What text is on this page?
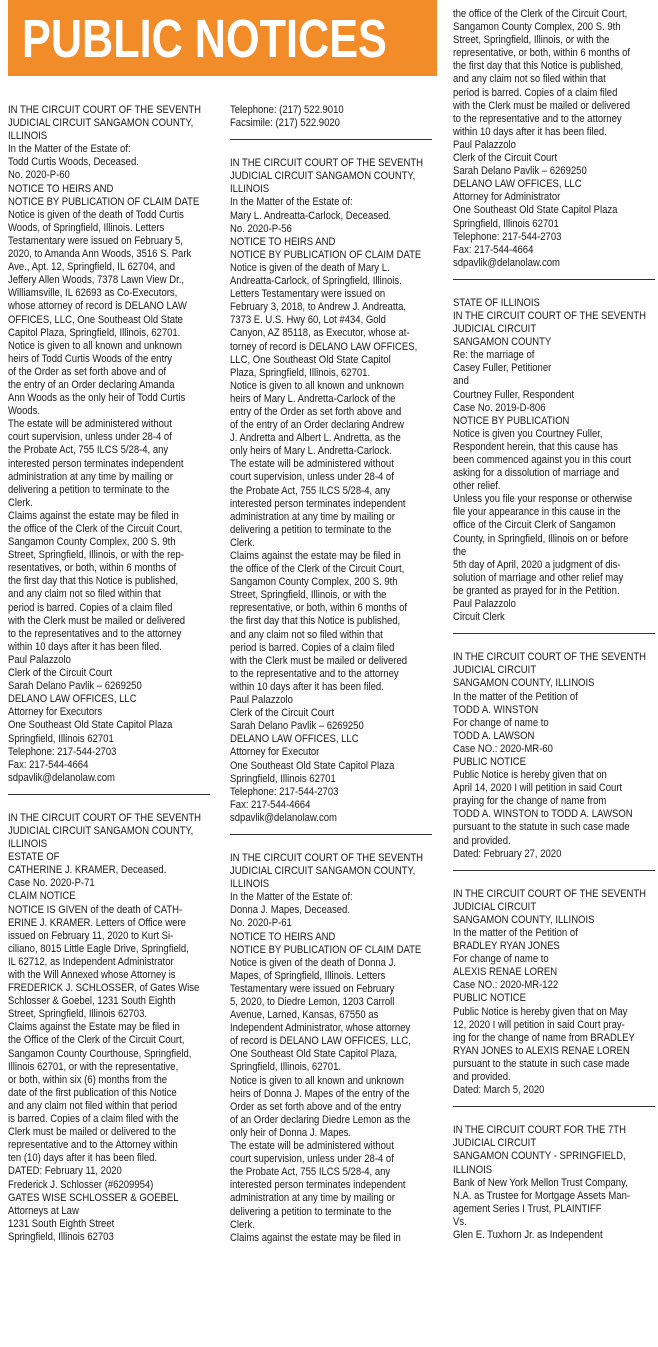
PUBLIC NOTICES
IN THE CIRCUIT COURT OF THE SEVENTH
JUDICIAL CIRCUIT SANGAMON COUNTY,
ILLINOIS
In the Matter of the Estate of:
Todd Curtis Woods, Deceased.
No. 2020-P-60
NOTICE TO HEIRS AND
NOTICE BY PUBLICATION OF CLAIM DATE
Notice is given of the death of Todd Curtis
Woods, of Springfield, Illinois. Letters
Testamentary were issued on February 5,
2020, to Amanda Ann Woods, 3516 S. Park
Ave., Apt. 12, Springfield, IL 62704, and
Jeffery Allen Woods, 7378 Lawn View Dr.,
Williamsville, IL 62693 as Co-Executors,
whose attorney of record is DELANO LAW
OFFICES, LLC, One Southeast Old State
Capitol Plaza, Springfield, Illinois, 62701.
Notice is given to all known and unknown
heirs of Todd Curtis Woods of the entry
of the Order as set forth above and of
the entry of an Order declaring Amanda
Ann Woods as the only heir of Todd Curtis
Woods.
The estate will be administered without
court supervision, unless under 28-4 of
the Probate Act, 755 ILCS 5/28-4, any
interested person terminates independent
administration at any time by mailing or
delivering a petition to terminate to the
Clerk.
Claims against the estate may be filed in
the office of the Clerk of the Circuit Court,
Sangamon County Complex, 200 S. 9th
Street, Springfield, Illinois, or with the rep-
resentatives, or both, within 6 months of
the first day that this Notice is published,
and any claim not so filed within that
period is barred. Copies of a claim filed
with the Clerk must be mailed or delivered
to the representatives and to the attorney
within 10 days after it has been filed.
Paul Palazzolo
Clerk of the Circuit Court
Sarah Delano Pavlik – 6269250
DELANO LAW OFFICES, LLC
Attorney for Executors
One Southeast Old State Capitol Plaza
Springfield, Illinois 62701
Telephone: 217-544-2703
Fax: 217-544-4664
sdpavlik@delanolaw.com
IN THE CIRCUIT COURT OF THE SEVENTH
JUDICIAL CIRCUIT SANGAMON COUNTY,
ILLINOIS
ESTATE OF
CATHERINE J. KRAMER, Deceased.
Case No. 2020-P-71
CLAIM NOTICE
NOTICE IS GIVEN of the death of CATH-
ERINE J. KRAMER. Letters of Office were
issued on February 11, 2020 to Kurt Si-
ciliano, 8015 Little Eagle Drive, Springfield,
IL 62712, as Independent Administrator
with the Will Annexed whose Attorney is
FREDERICK J. SCHLOSSER, of Gates Wise
Schlosser & Goebel, 1231 South Eighth
Street, Springfield, Illinois 62703.
Claims against the Estate may be filed in
the Office of the Clerk of the Circuit Court,
Sangamon County Courthouse, Springfield,
Illinois 62701, or with the representative,
or both, within six (6) months from the
date of the first publication of this Notice
and any claim not filed within that period
is barred. Copies of a claim filed with the
Clerk must be mailed or delivered to the
representative and to the Attorney within
ten (10) days after it has been filed.
DATED: February 11, 2020
Frederick J. Schlosser (#6209954)
GATES WISE SCHLOSSER & GOEBEL
Attorneys at Law
1231 South Eighth Street
Springfield, Illinois 62703
Telephone: (217) 522.9010
Facsimile: (217) 522.9020
IN THE CIRCUIT COURT OF THE SEVENTH
JUDICIAL CIRCUIT SANGAMON COUNTY,
ILLINOIS
In the Matter of the Estate of:
Mary L. Andreatta-Carlock, Deceased.
No. 2020-P-56
NOTICE TO HEIRS AND
NOTICE BY PUBLICATION OF CLAIM DATE
Notice is given of the death of Mary L.
Andreatta-Carlock, of Springfield, Illinois.
Letters Testamentary were issued on
February 3, 2018, to Andrew J. Andreatta,
7373 E. U.S. Hwy 60, Lot #434, Gold
Canyon, AZ 85118, as Executor, whose at-
torney of record is DELANO LAW OFFICES,
LLC, One Southeast Old State Capitol
Plaza, Springfield, Illinois, 62701.
Notice is given to all known and unknown
heirs of Mary L. Andretta-Carlock of the
entry of the Order as set forth above and
of the entry of an Order declaring Andrew
J. Andretta and Albert L. Andretta, as the
only heirs of Mary L. Andretta-Carlock.
The estate will be administered without
court supervision, unless under 28-4 of
the Probate Act, 755 ILCS 5/28-4, any
interested person terminates independent
administration at any time by mailing or
delivering a petition to terminate to the
Clerk.
Claims against the estate may be filed in
the office of the Clerk of the Circuit Court,
Sangamon County Complex, 200 S. 9th
Street, Springfield, Illinois, or with the
representative, or both, within 6 months of
the first day that this Notice is published,
and any claim not so filed within that
period is barred. Copies of a claim filed
with the Clerk must be mailed or delivered
to the representative and to the attorney
within 10 days after it has been filed.
Paul Palazzolo
Clerk of the Circuit Court
Sarah Delano Pavlik – 6269250
DELANO LAW OFFICES, LLC
Attorney for Executor
One Southeast Old State Capitol Plaza
Springfield, Illinois 62701
Telephone: 217-544-2703
Fax: 217-544-4664
sdpavlik@delanolaw.com
IN THE CIRCUIT COURT OF THE SEVENTH
JUDICIAL CIRCUIT SANGAMON COUNTY,
ILLINOIS
In the Matter of the Estate of:
Donna J. Mapes, Deceased.
No. 2020-P-61
NOTICE TO HEIRS AND
NOTICE BY PUBLICATION OF CLAIM DATE
Notice is given of the death of Donna J.
Mapes, of Springfield, Illinois. Letters
Testamentary were issued on February
5, 2020, to Diedre Lemon, 1203 Carroll
Avenue, Larned, Kansas, 67550 as
Independent Administrator, whose attorney
of record is DELANO LAW OFFICES, LLC,
One Southeast Old State Capitol Plaza,
Springfield, Illinois, 62701.
Notice is given to all known and unknown
heirs of Donna J. Mapes of the entry of the
Order as set forth above and of the entry
of an Order declaring Diedre Lemon as the
only heir of Donna J. Mapes.
The estate will be administered without
court supervision, unless under 28-4 of
the Probate Act, 755 ILCS 5/28-4, any
interested person terminates independent
administration at any time by mailing or
delivering a petition to terminate to the
Clerk.
Claims against the estate may be filed in
the office of the Clerk of the Circuit Court,
Sangamon County Complex, 200 S. 9th
Street, Springfield, Illinois, or with the
representative, or both, within 6 months of
the first day that this Notice is published,
and any claim not so filed within that
period is barred. Copies of a claim filed
with the Clerk must be mailed or delivered
to the representative and to the attorney
within 10 days after it has been filed.
Paul Palazzolo
Clerk of the Circuit Court
Sarah Delano Pavlik – 6269250
DELANO LAW OFFICES, LLC
Attorney for Administrator
One Southeast Old State Capitol Plaza
Springfield, Illinois 62701
Telephone: 217-544-2703
Fax: 217-544-4664
sdpavlik@delanolaw.com
STATE OF ILLINOIS
IN THE CIRCUIT COURT OF THE SEVENTH
JUDICIAL CIRCUIT
SANGAMON COUNTY
Re: the marriage of
Casey Fuller, Petitioner
and
Courtney Fuller, Respondent
Case No. 2019-D-806
NOTICE BY PUBLICATION
Notice is given you Courtney Fuller,
Respondent herein, that this cause has
been commenced against you in this court
asking for a dissolution of marriage and
other relief.
Unless you file your response or otherwise
file your appearance in this cause in the
office of the Circuit Clerk of Sangamon
County, in Springfield, Illinois on or before
the
5th day of April, 2020 a judgment of dis-
solution of marriage and other relief may
be granted as prayed for in the Petition.
Paul Palazzolo
Circuit Clerk
IN THE CIRCUIT COURT OF THE SEVENTH
JUDICIAL CIRCUIT
SANGAMON COUNTY, ILLINOIS
In the matter of the Petition of
TODD A. WINSTON
For change of name to
TODD A. LAWSON
Case NO.: 2020-MR-60
PUBLIC NOTICE
Public Notice is hereby given that on
April 14, 2020 I will petition in said Court
praying for the change of name from
TODD A. WINSTON to TODD A. LAWSON
pursuant to the statute in such case made
and provided.
Dated: February 27, 2020
IN THE CIRCUIT COURT OF THE SEVENTH
JUDICIAL CIRCUIT
SANGAMON COUNTY, ILLINOIS
In the matter of the Petition of
BRADLEY RYAN JONES
For change of name to
ALEXIS RENAE LOREN
Case NO.: 2020-MR-122
PUBLIC NOTICE
Public Notice is hereby given that on May
12, 2020 I will petition in said Court pray-
ing for the change of name from BRADLEY
RYAN JONES to ALEXIS RENAE LOREN
pursuant to the statute in such case made
and provided.
Dated: March 5, 2020
IN THE CIRCUIT COURT FOR THE 7TH
JUDICIAL CIRCUIT
SANGAMON COUNTY - SPRINGFIELD,
ILLINOIS
Bank of New York Mellon Trust Company,
N.A. as Trustee for Mortgage Assets Man-
agement Series I Trust, PLAINTIFF
Vs.
Glen E. Tuxhorn Jr. as Independent
